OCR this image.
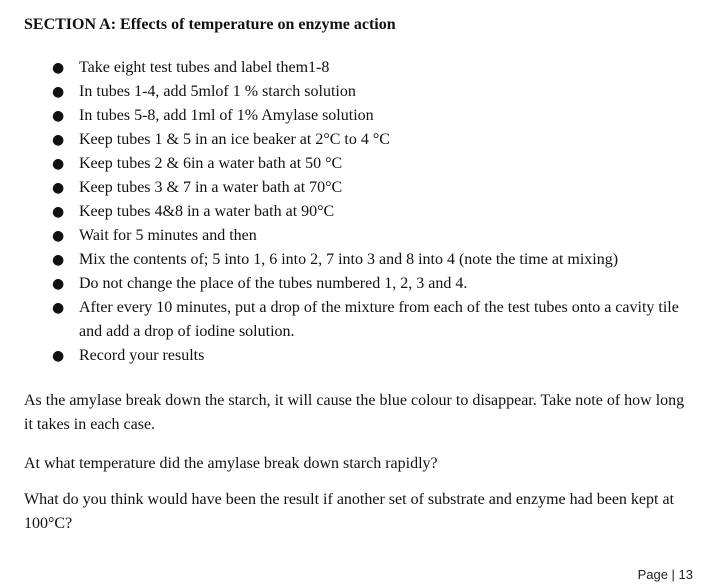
SECTION A: Effects of temperature on enzyme action
● Take eight test tubes and label them1-8
● In tubes 1-4, add 5mlof 1 % starch solution
● In tubes 5-8, add 1ml of 1% Amylase solution
● Keep tubes 1 & 5 in an ice beaker at 2°C to 4 °C
● Keep tubes 2 & 6in a water bath at 50 °C
● Keep tubes 3 & 7 in a water bath at 70°C
● Keep tubes 4&8 in a water bath at 90°C
● Wait for 5 minutes and then
● Mix the contents of; 5 into 1, 6 into 2, 7 into 3 and 8 into 4 (note the time at mixing)
● Do not change the place of the tubes numbered 1, 2, 3 and 4.
● After every 10 minutes, put a drop of the mixture from each of the test tubes onto a cavity tile and add a drop of iodine solution.
● Record your results

As the amylase break down the starch, it will cause the blue colour to disappear. Take note of how long it takes in each case.

At what temperature did the amylase break down starch rapidly?

What do you think would have been the result if another set of substrate and enzyme had been kept at 100°C?

Page | 13
